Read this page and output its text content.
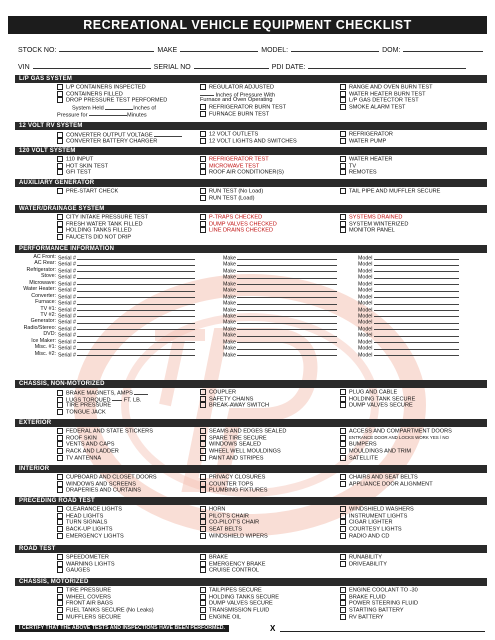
RECREATIONAL VEHICLE EQUIPMENT CHECKLIST
STOCK NO:	MAKE	MODEL:	DOM:
VIN	SERIAL NO	PDI DATE:
L/P GAS SYSTEM
L/P CONTAINERS INSPECTED
CONTAINERS FILLED
DROP PRESSURE TEST PERFORMED
System Held	Inches of
Pressure for	Minutes
REGULATOR ADJUSTED
Inches of Pressure With
Furnace and Oven Operating
REFRIGERATOR BURN TEST
FURNACE BURN TEST
RANGE AND OVEN BURN TEST
WATER HEATER BURN TEST
L/P GAS DETECTOR TEST
SMOKE ALARM TEST
12 VOLT RV SYSTEM
CONVERTER OUTPUT VOLTAGE
CONVERTER BATTERY CHARGER
12 VOLT OUTLETS
12 VOLT LIGHTS AND SWITCHES
REFRIGERATOR
WATER PUMP
120 VOLT SYSTEM
110 INPUT
HOT SKIN TEST
GFI TEST
REFRIGERATOR TEST
MICROWAVE TEST
ROOF AIR CONDITIONER(S)
WATER HEATER
TV
REMOTES
AUXILIARY GENERATOR
PRE-START CHECK	RUN TEST (No Load)
RUN TEST (Load)
TAIL PIPE AND MUFFLER SECURE
WATER/DRAINAGE SYSTEM
CITY INTAKE PRESSURE TEST
FRESH WATER TANK FILLED
HOLDING TANKS FILLED
FAUCETS DID NOT DRIP
P-TRAPS CHECKED
DUMP VALVES CHECKED
LINE DRAINS CHECKED
SYSTEMS DRAINED
SYSTEM WINTERIZED
MONITOR PANEL
PERFORMANCE INFORMATION
AC Front: Serial #	Make	Model
AC Rear: Serial #	Make	Model
Refrigerator: Serial #	Make	Model
Stove: Serial #	Make	Model
Microwave: Serial #	Make	Model
Water Heater: Serial #	Make	Model
Converter: Serial #	Make	Model
Furnace: Serial #	Make	Model
TV #1: Serial #	Make	Model
TV #2: Serial #	Make	Model
Generator: Serial #	Make	Model
Radio/Stereo: Serial #	Make	Model
DVD: Serial #	Make	Model
Ice Maker: Serial #	Make	Model
Misc. #1: Serial #	Make	Model
Misc. #2: Serial #	Make	Model
CHASSIS, NON-MOTORIZED
BRAKE MAGNETS, AMPS
LUGS TORQUED FT. LB.
TIRE PRESSURE
TONGUE JACK
COUPLER
SAFETY CHAINS
BREAK-AWAY SWITCH
PLUG AND CABLE
HOLDING TANK SECURE
DUMP VALVES SECURE
EXTERIOR
FEDERAL AND STATE STICKERS
ROOF SKIN
VENTS AND CAPS
RACK AND LADDER
TV ANTENNA
SEAMS AND EDGES SEALED
SPARE TIRE SECURE
WINDOWS SEALED
WHEEL WELL MOULDINGS
PAINT AND STRIPES
ACCESS AND COMPARTMENT DOORS
ENTRANCE DOOR AND LOCKS WORK YES / NO
BUMPERS
MOULDINGS AND TRIM
SATELLITE
INTERIOR
CUPBOARD AND CLOSET DOORS
WINDOWS AND SCREENS
DRAPERIES AND CURTAINS
PRIVACY CLOSURES
COUNTER TOPS
PLUMBING FIXTURES
CHAIRS AND SEAT BELTS
APPLIANCE DOOR ALIGNMENT
PRECEDING ROAD TEST
CLEARANCE LIGHTS
HEAD LIGHTS
TURN SIGNALS
BACK-UP LIGHTS
EMERGENCY LIGHTS
HORN
PILOT'S CHAIR
CO-PILOT'S CHAIR
SEAT BELTS
WINDSHIELD WIPERS
WINDSHIELD WASHERS
INSTRUMENT LIGHTS
CIGAR LIGHTER
COURTESY LIGHTS
RADIO AND CD
ROAD TEST
SPEEDOMETER
WARNING LIGHTS
GAUGES
BRAKE
EMERGENCY BRAKE
CRUISE CONTROL
RUNABILITY
DRIVEABILITY
CHASSIS, MOTORIZED
TIRE PRESSURE
WHEEL COVERS
FRONT AIR BAGS
FUEL TANKS SECURE (No Leaks)
MUFFLERS SECURE
TAILPIPES SECURE
HOLDING TANKS SECURE
DUMP VALVES SECURE
TRANSMISSION FLUID
ENGINE OIL
ENGINE COOLANT TO -30
BRAKE FLUID
POWER STEERING FLUID
STARTING BATTERY
RV BATTERY
I CERTIFY THAT THE ABOVE TESTS AND INSPECTIONS HAVE BEEN PERFORMED.	X
